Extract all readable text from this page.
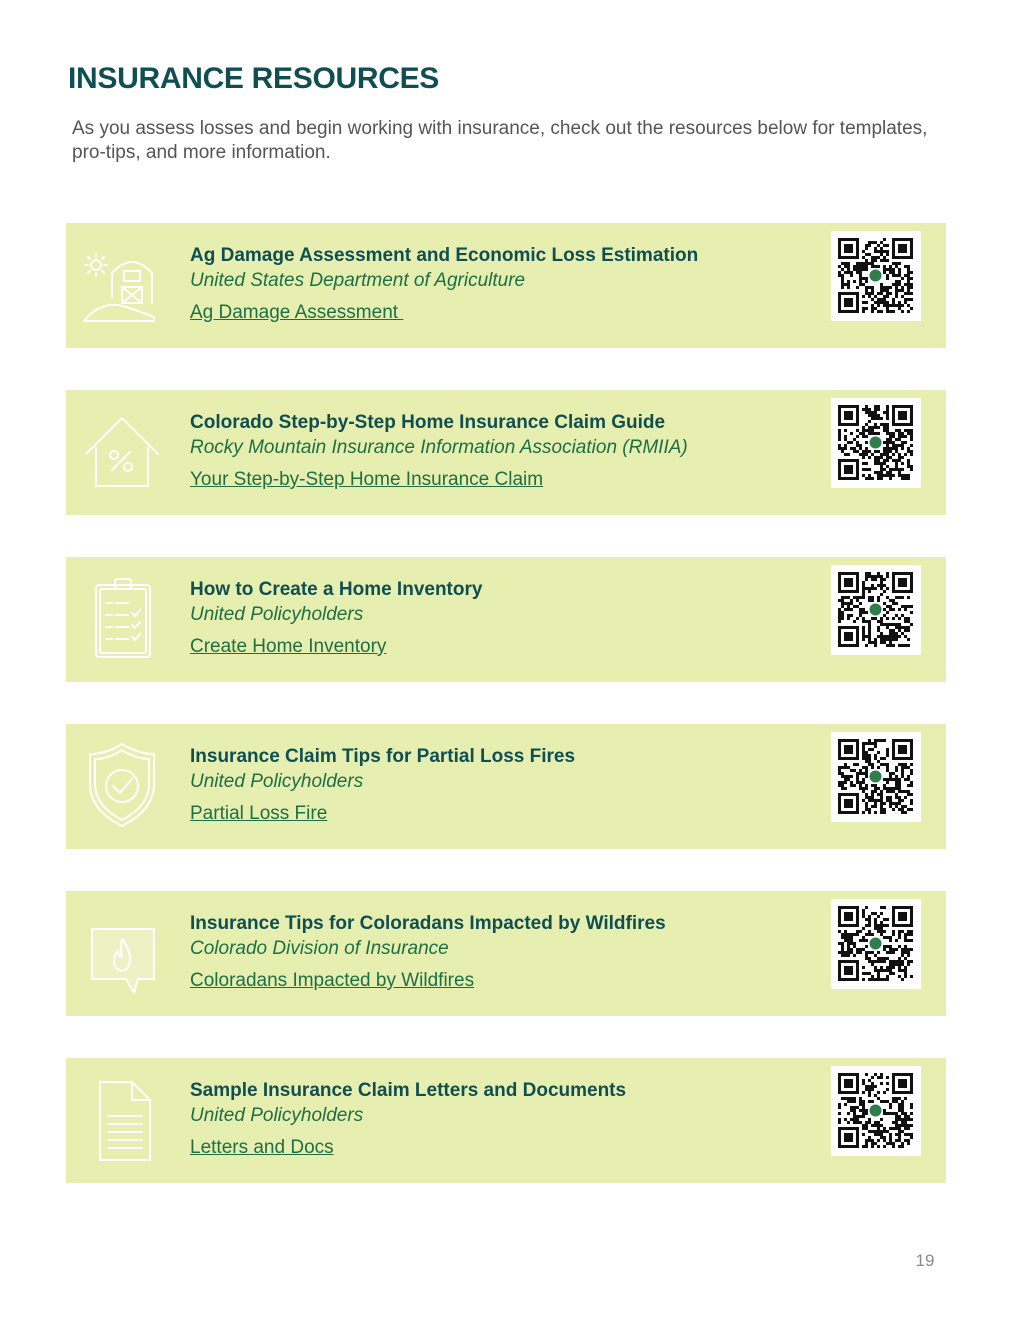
INSURANCE RESOURCES

As you assess losses and begin working with insurance, check out the resources below for templates, pro-tips, and more information.

Ag Damage Assessment and Economic Loss Estimation
United States Department of Agriculture
Ag Damage Assessment
Colorado Step-by-Step Home Insurance Claim Guide
Rocky Mountain Insurance Information Association (RMIIA)
Your Step-by-Step Home Insurance Claim
How to Create a Home Inventory
United Policyholders
Create Home Inventory
Insurance Claim Tips for Partial Loss Fires
United Policyholders
Partial Loss Fire
Insurance Tips for Coloradans Impacted by Wildfires
Colorado Division of Insurance
Coloradans Impacted by Wildfires
Sample Insurance Claim Letters and Documents
United Policyholders
Letters and Docs
19
